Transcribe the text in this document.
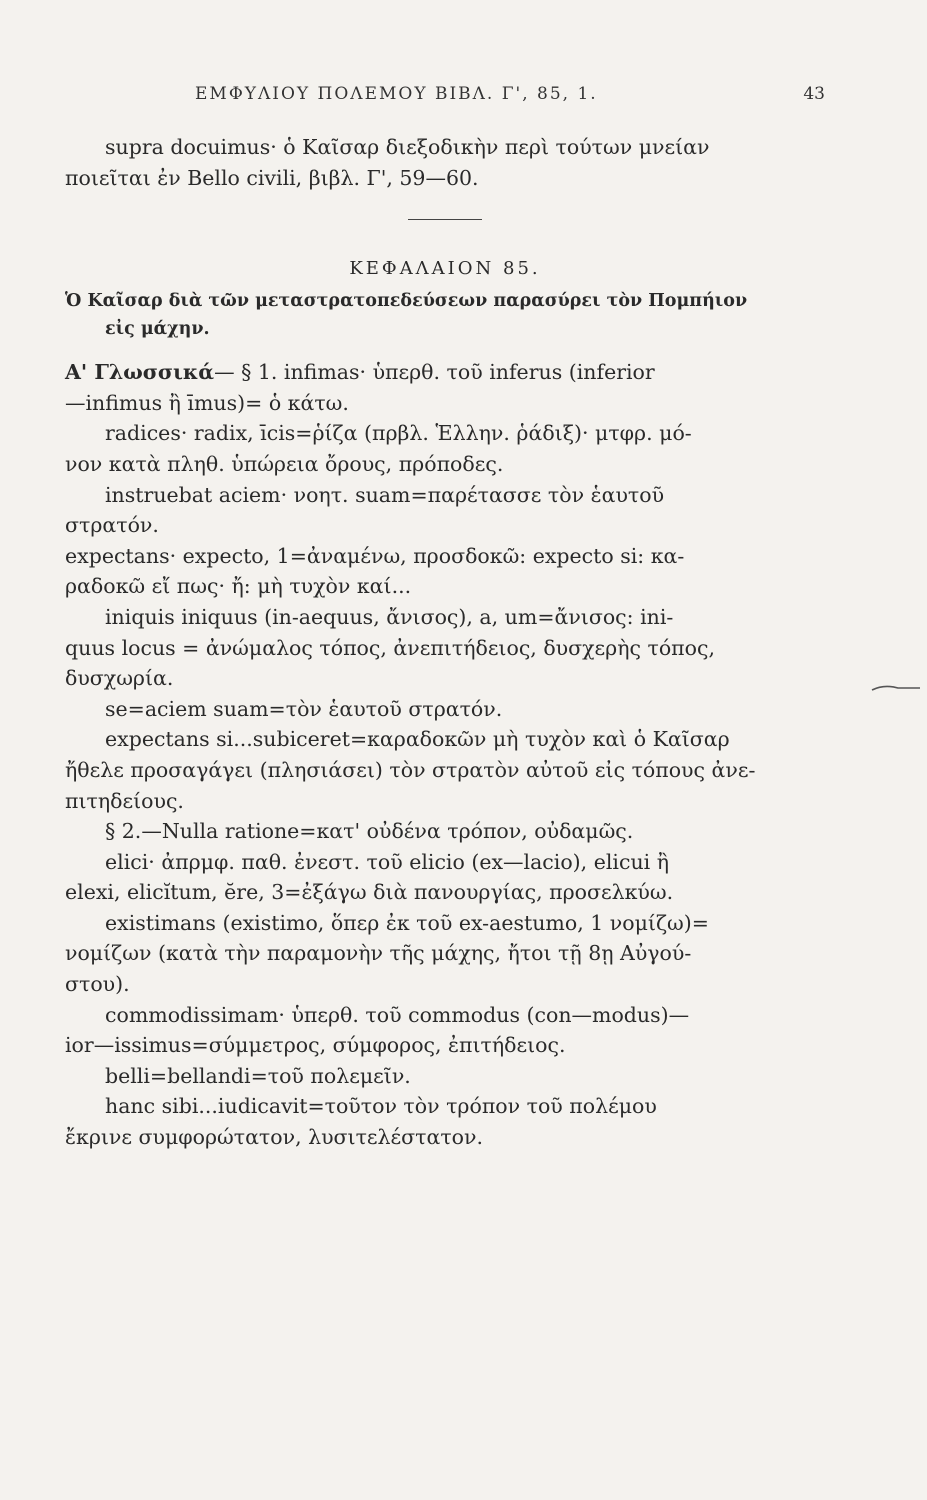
ΕΜΦΥΛΙΟΥ ΠΟΛΕΜΟΥ ΒΙΒΛ. Γ', 85, 1.	43

supra docuimus· ὁ Καῖσαρ διεξοδικὴν περὶ τούτων μνείαν

ποιεῖται ἐν Bello civili, βιβλ. Γ', 59—60.

ΚΕΦΑΛΑΙΟΝ 85.
Ὁ Καῖσαρ διὰ τῶν μεταστρατοπεδεύσεων παρασύρει τὸν Πομπήιον
εἰς μάχην.

Α' Γλωσσικά— § 1. infimas· ὑπερθ. τοῦ inferus (inferior

—infimus ἢ īmus)= ὁ κάτω.

radices· radix, īcis=ῥίζα (πρβλ. Ἑλλην. ῥάδιξ)· μτφρ. μό-

νον κατὰ πληθ. ὑπώρεια ὄρους, πρόποδες.

instruebat aciem· νοητ. suam=παρέτασσε τὸν ἑαυτοῦ

στρατόν.

expectans· expecto, 1=ἀναμένω, προσδοκῶ: expecto si: κα-

ραδοκῶ εἴ πως· ἤ: μὴ τυχὸν καί...

iniquis iniquus (in-aequus, ἄνισος), a, um=ἄνισος: ini-

quus locus = ἀνώμαλος τόπος, ἀνεπιτήδειος, δυσχερὴς τόπος,

δυσχωρία.

se=aciem suam=τὸν ἑαυτοῦ στρατόν.

expectans si...subiceret=καραδοκῶν μὴ τυχὸν καὶ ὁ Καῖσαρ

ἤθελε προσαγάγει (πλησιάσει) τὸν στρατὸν αὐτοῦ εἰς τόπους ἀνε-

πιτηδείους.

§ 2.—Nulla ratione=κατ' οὐδένα τρόπον, οὐδαμῶς.

elici· ἀπρμφ. παθ. ἐνεστ. τοῦ elicio (ex—lacio), elicui ἢ

elexi, elicĭtum, ĕre, 3=ἐξάγω διὰ πανουργίας, προσελκύω.

existimans (existimo, ὅπερ ἐκ τοῦ ex-aestumo, 1 νομίζω)=

νομίζων (κατὰ τὴν παραμονὴν τῆς μάχης, ἤτοι τῇ 8ῃ Αὐγού-

στου).

commodissimam· ὑπερθ. τοῦ commodus (con—modus)—

ior—issimus=σύμμετρος, σύμφορος, ἐπιτήδειος.

belli=bellandi=τοῦ πολεμεῖν.

hanc sibi...iudicavit=τοῦτον τὸν τρόπον τοῦ πολέμου

ἔκρινε συμφορώτατον, λυσιτελέστατον.
